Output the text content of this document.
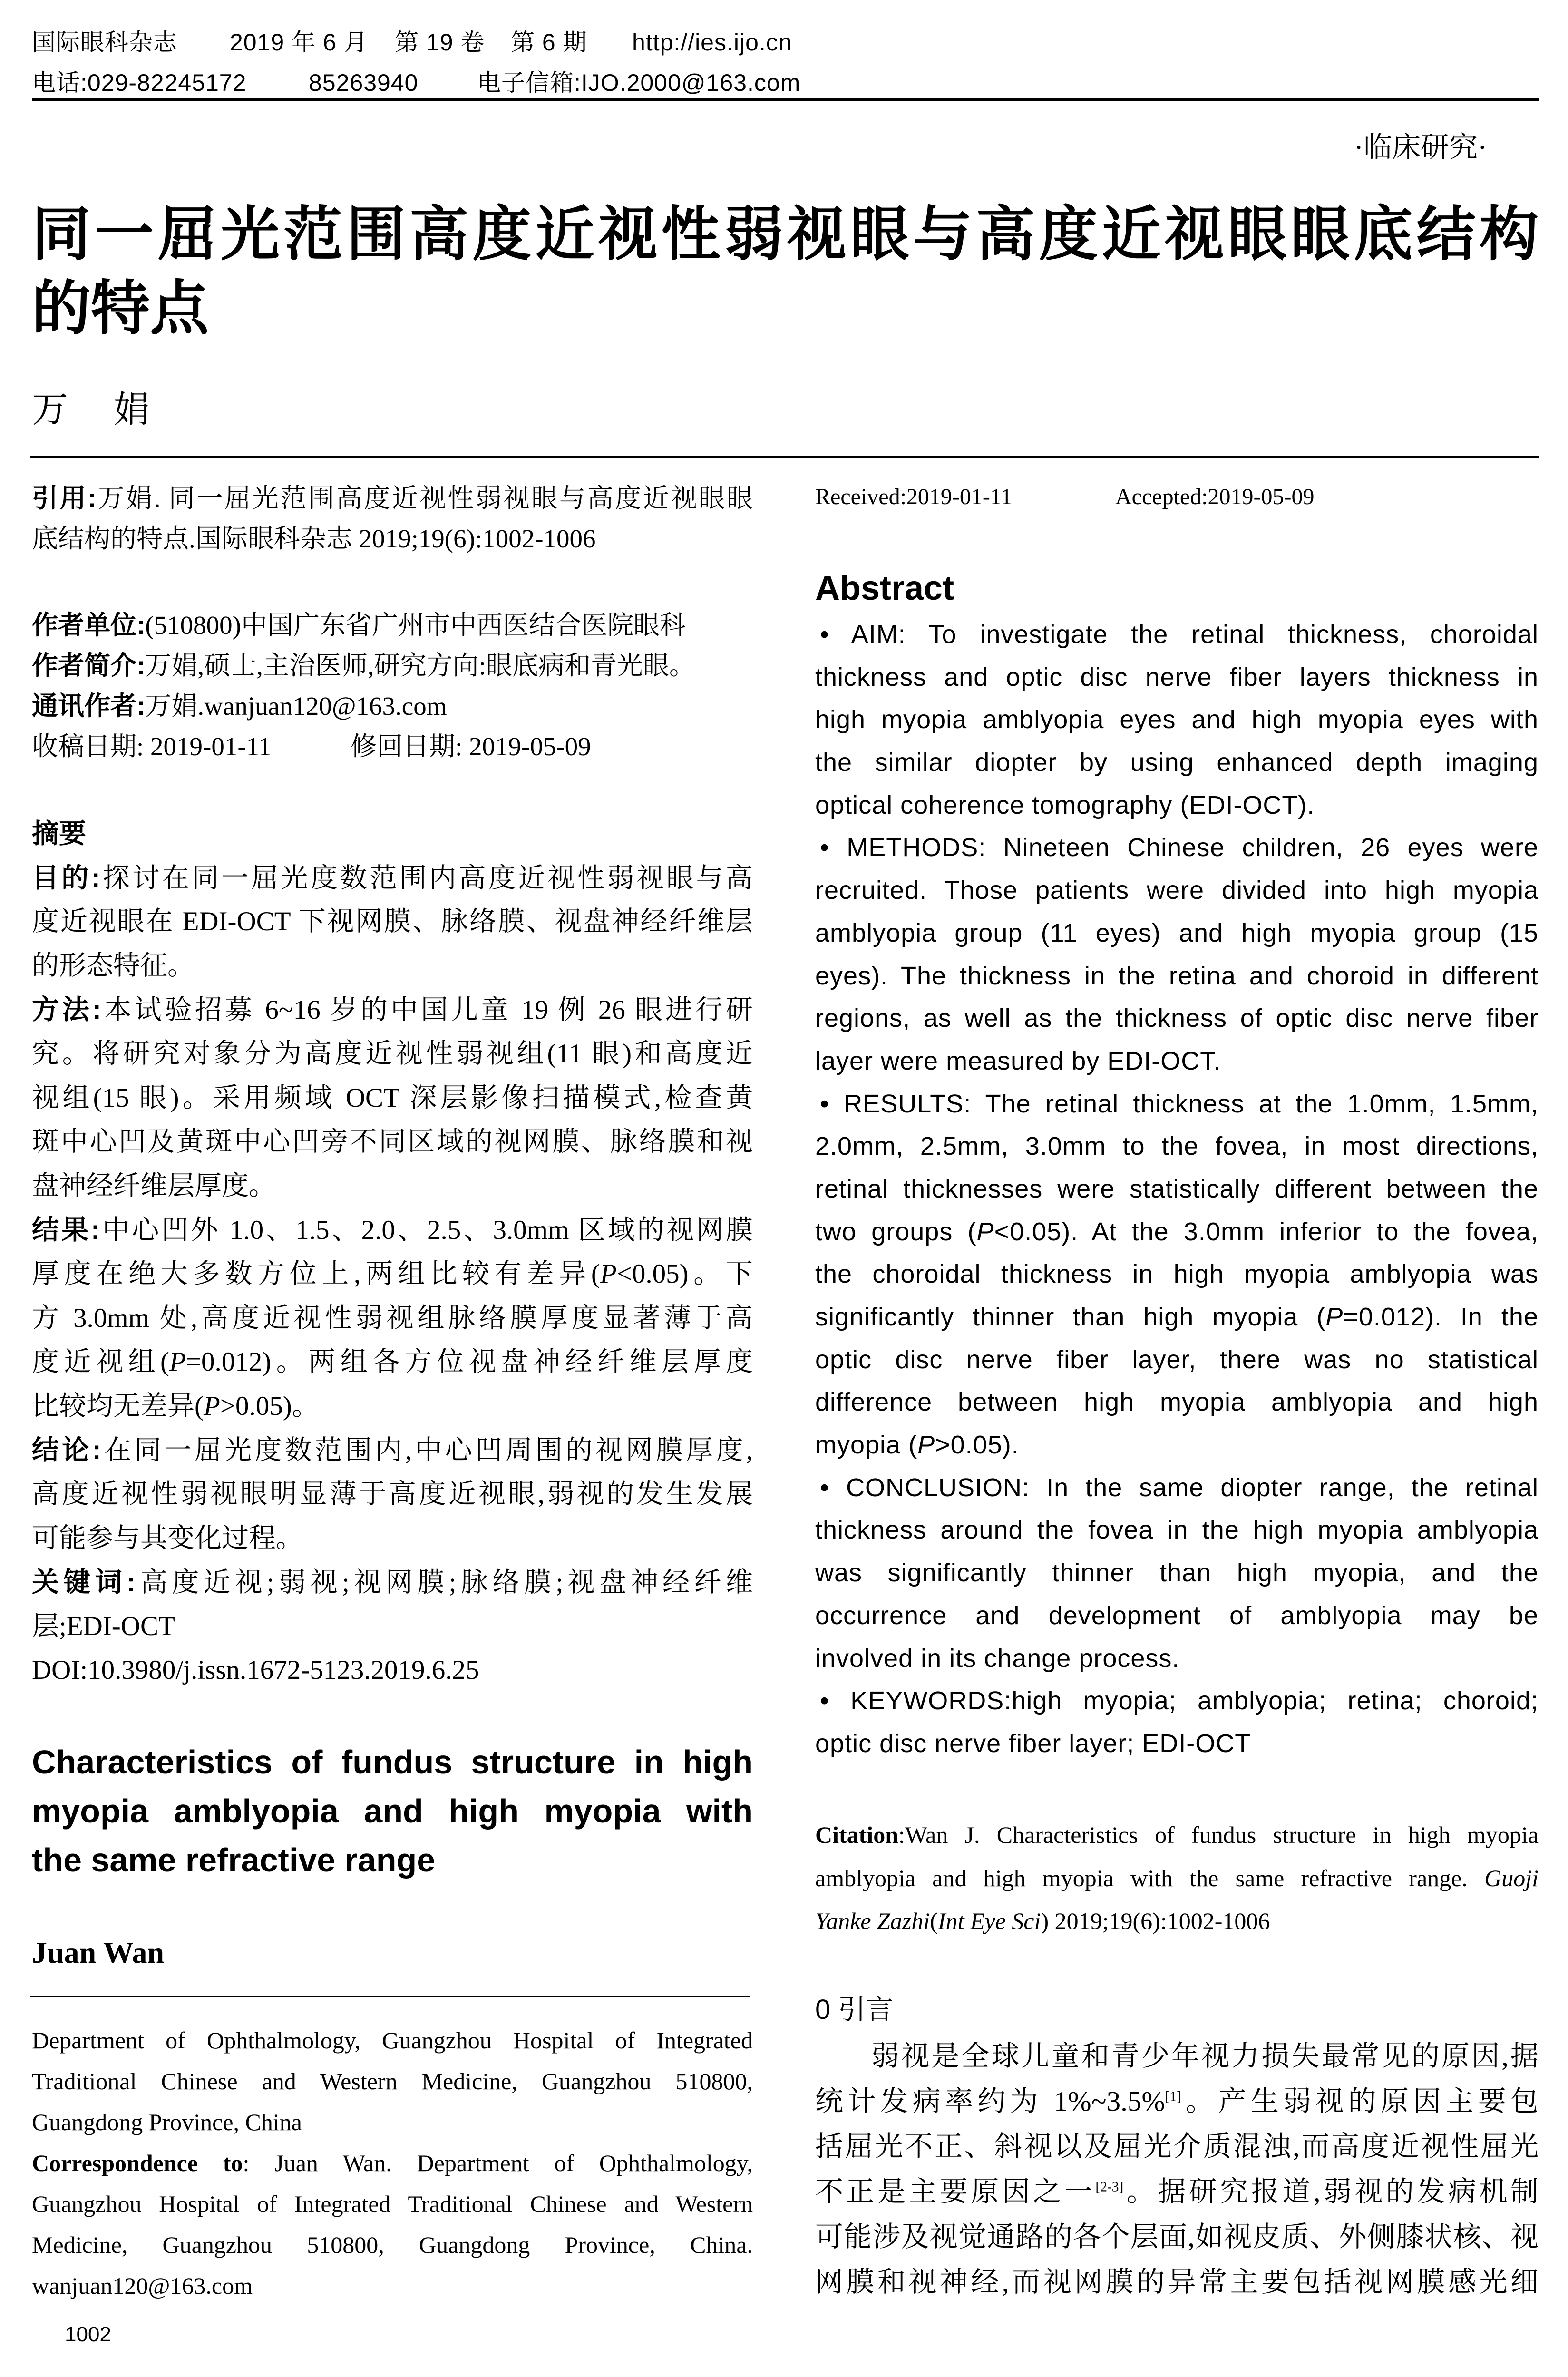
国际眼科杂志 2019 年 6 月 第 19 卷 第 6 期 http://ies.ijo.cn
电话:029-82245172	85263940 电子信箱:IJO.2000@163.com
·临床研究·
同一屈光范围高度近视性弱视眼与高度近视眼眼底结构
的特点
万　娟
引用:万娟. 同一屈光范围高度近视性弱视眼与高度近视眼眼
底结构的特点.国际眼科杂志 2019;19(6):1002-1006
作者单位:(510800)中国广东省广州市中西医结合医院眼科
作者简介:万娟,硕士,主治医师,研究方向:眼底病和青光眼。
通讯作者:万娟.wanjuan120@163.com
收稿日期: 2019-01-11	修回日期: 2019-05-09
摘要
目的:探讨在同一屈光度数范围内高度近视性弱视眼与高
度近视眼在 EDI-OCT 下视网膜、脉络膜、视盘神经纤维层
的形态特征。
方法:本试验招募 6~16 岁的中国儿童 19 例 26 眼进行研
究。将研究对象分为高度近视性弱视组(11 眼)和高度近
视组(15 眼)。采用频域 OCT 深层影像扫描模式,检查黄
斑中心凹及黄斑中心凹旁不同区域的视网膜、脉络膜和视
盘神经纤维层厚度。
结果:中心凹外 1.0、1.5、2.0、2.5、3.0mm 区域的视网膜
厚度在绝大多数方位上,两组比较有差异(P<0.05)。下
方 3.0mm 处,高度近视性弱视组脉络膜厚度显著薄于高
度近视组(P=0.012)。两组各方位视盘神经纤维层厚度
比较均无差异(P>0.05)。
结论:在同一屈光度数范围内,中心凹周围的视网膜厚度,
高度近视性弱视眼明显薄于高度近视眼,弱视的发生发展
可能参与其变化过程。
关键词:高度近视;弱视;视网膜;脉络膜;视盘神经纤维
层;EDI-OCT
DOI:10.3980/j.issn.1672-5123.2019.6.25
Characteristics of fundus structure in high
myopia amblyopia and high myopia with
the same refractive range
Juan Wan
Department of Ophthalmology, Guangzhou Hospital of Integrated
Traditional Chinese and Western Medicine, Guangzhou 510800,
Guangdong Province, China
Correspondence to: Juan Wan. Department of Ophthalmology,
Guangzhou Hospital of Integrated Traditional Chinese and Western
Medicine, Guangzhou 510800, Guangdong Province, China.
wanjuan120@163.com
1002
Received:2019-01-11	Accepted:2019-05-09
Abstract
• AIM: To investigate the retinal thickness, choroidal
thickness and optic disc nerve fiber layers thickness in
high myopia amblyopia eyes and high myopia eyes with
the similar diopter by using enhanced depth imaging
optical coherence tomography (EDI-OCT).
• METHODS: Nineteen Chinese children, 26 eyes were
recruited. Those patients were divided into high myopia
amblyopia group (11 eyes) and high myopia group (15
eyes). The thickness in the retina and choroid in different
regions, as well as the thickness of optic disc nerve fiber
layer were measured by EDI-OCT.
• RESULTS: The retinal thickness at the 1.0mm, 1.5mm,
2.0mm, 2.5mm, 3.0mm to the fovea, in most directions,
retinal thicknesses were statistically different between the
two groups (P<0.05). At the 3.0mm inferior to the fovea,
the choroidal thickness in high myopia amblyopia was
significantly thinner than high myopia (P=0.012). In the
optic disc nerve fiber layer, there was no statistical
difference between high myopia amblyopia and high
myopia (P>0.05).
• CONCLUSION: In the same diopter range, the retinal
thickness around the fovea in the high myopia amblyopia
was significantly thinner than high myopia, and the
occurrence and development of amblyopia may be
involved in its change process.
• KEYWORDS:high myopia; amblyopia; retina; choroid;
optic disc nerve fiber layer; EDI-OCT
Citation:Wan J. Characteristics of fundus structure in high myopia
amblyopia and high myopia with the same refractive range. Guoji
Yanke Zazhi(Int Eye Sci) 2019;19(6):1002-1006
0 引言
弱视是全球儿童和青少年视力损失最常见的原因,据
统计发病率约为 1%~3.5%[1]。产生弱视的原因主要包
括屈光不正、斜视以及屈光介质混浊,而高度近视性屈光
不正是主要原因之一[2-3]。据研究报道,弱视的发病机制
可能涉及视觉通路的各个层面,如视皮质、外侧膝状核、视
网膜和视神经,而视网膜的异常主要包括视网膜感光细
